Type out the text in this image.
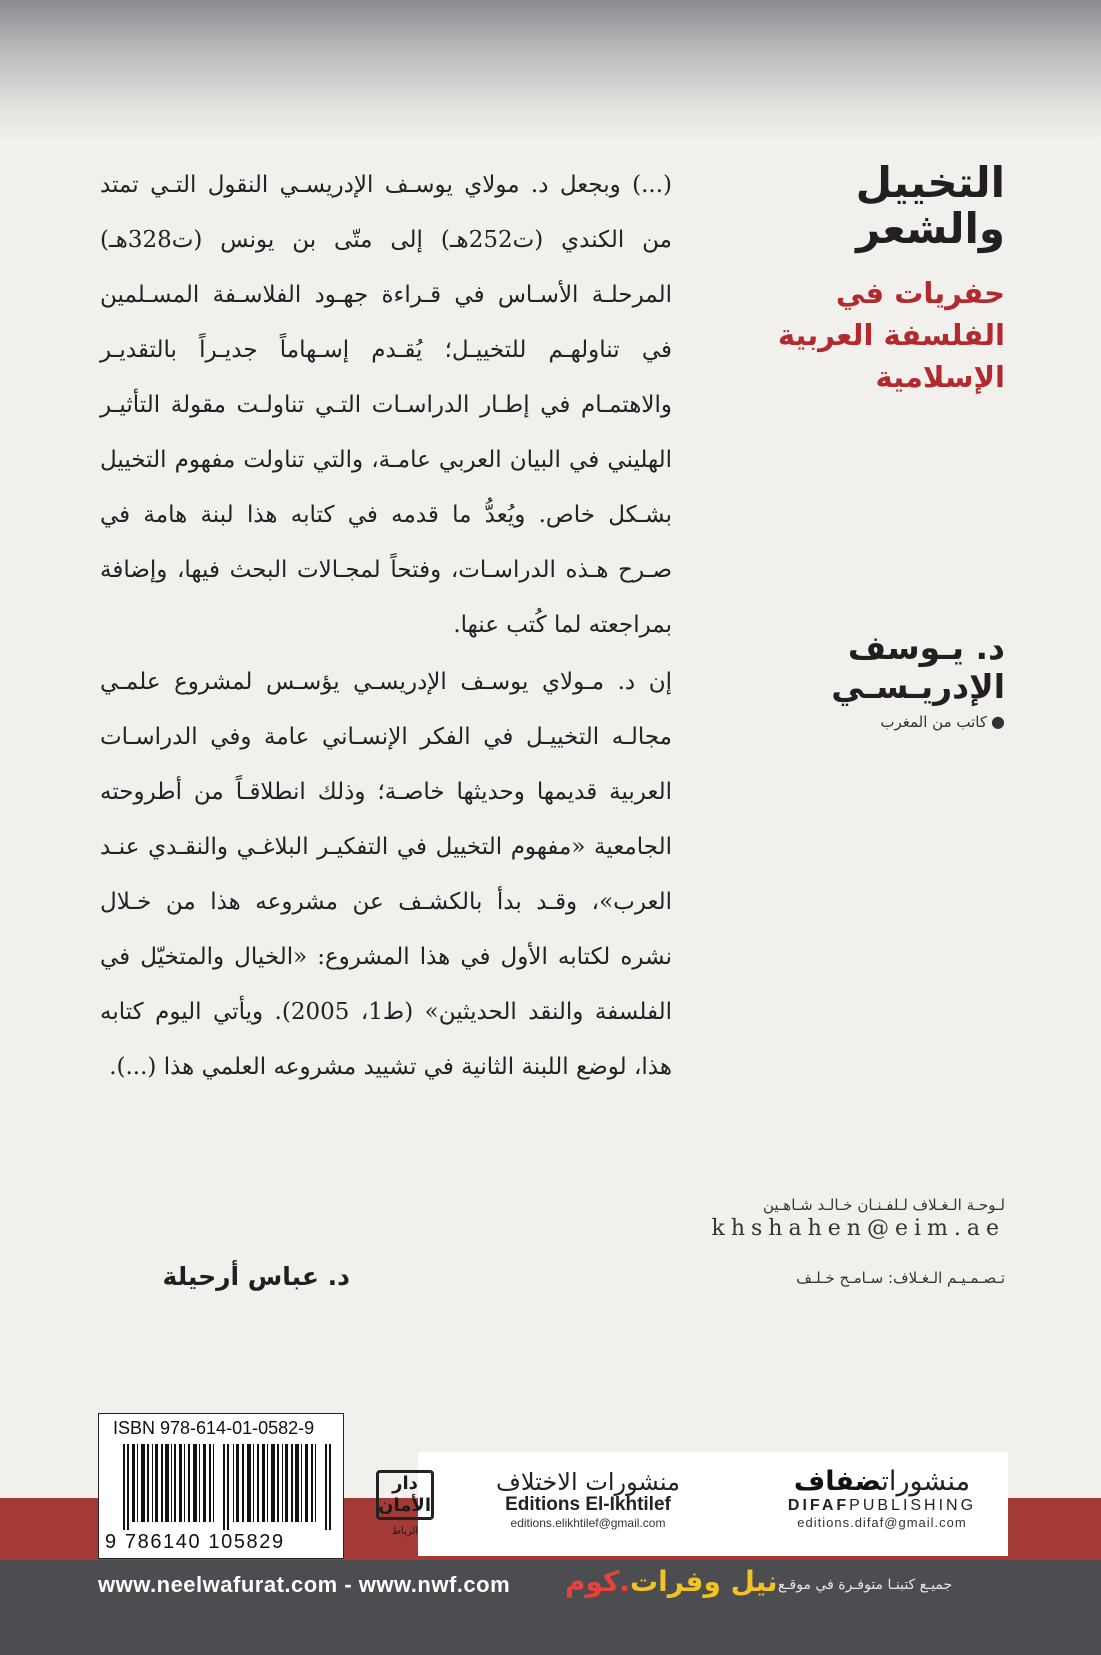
التخييل والشعر
حفريات في
الفلسفة العربية
الإسلامية
د. يـوسف الإدريـسـي
●كاتب من المغرب

(...) وبجعل د. مولاي يوسـف الإدريسـي النقول التـي تمتد من الكندي (ت252هـ) إلى متّى بن يونس (ت328هـ) المرحلـة الأسـاس في قـراءة جهـود الفلاسـفة المسـلمين في تناولهـم للتخييـل؛ يُقـدم إسـهاماً جديـراً بالتقديـر والاهتمـام في إطـار الدراسـات التـي تناولـت مقولة التأثيـر الهليني في البيان العربي عامـة، والتي تناولت مفهوم التخييل بشـكل خاص. ويُعدُّ ما قدمه في كتابه هذا لبنة هامة في صـرح هـذه الدراسـات، وفتحاً لمجـالات البحث فيها، وإضافة بمراجعته لما كُتب عنها.

إن د. مـولاي يوسـف الإدريسـي يؤسـس لمشروع علمـي مجالـه التخييـل في الفكر الإنسـاني عامة وفي الدراسـات العربية قديمها وحديثها خاصـة؛ وذلك انطلاقـاً من أطروحته الجامعية «مفهوم التخييل في التفكيـر البلاغـي والنقـدي عنـد العرب»، وقـد بدأ بالكشـف عن مشروعه هذا من خـلال نشره لكتابه الأول في هذا المشروع: «الخيال والمتخيّل في الفلسفة والنقد الحديثين» (ط1، 2005). ويأتي اليوم كتابه هذا، لوضع اللبنة الثانية في تشييد مشروعه العلمي هذا (...).

د. عباس أرحيلة
لـوحـة الـغـلاف لـلفـنـان خـالـد شـاهـين
khshahen@eim.ae
تـصـمـيـم الـغـلاف: سـامـح خـلـف
ISBN 978-614-01-0582-9
9 786140 105829
دار الأمان
الرباط
منشورات الاختلاف
Editions El-Ikhtilef
editions.elikhtilef@gmail.com
منشوراتضفاف
DIFAFPUBLISHING
editions.difaf@gmail.com
www.neelwafurat.com - www.nwf.com	نيل وفرات.كوم	جميـع كتبنـا متوفـرة في موقـع
